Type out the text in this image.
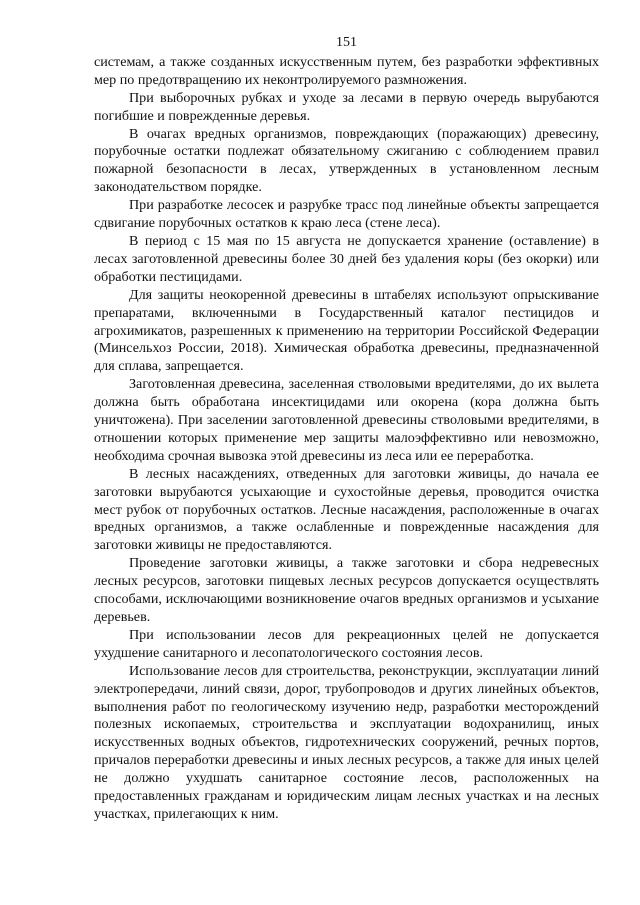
151

системам, а также созданных искусственным путем, без разработки эффективных мер по предотвращению их неконтролируемого размножения.

При выборочных рубках и уходе за лесами в первую очередь вырубаются погибшие и поврежденные деревья.

В очагах вредных организмов, повреждающих (поражающих) древесину, порубочные остатки подлежат обязательному сжиганию с соблюдением правил пожарной безопасности в лесах, утвержденных в установленном лесным законодательством порядке.

При разработке лесосек и разрубке трасс под линейные объекты запрещается сдвигание порубочных остатков к краю леса (стене леса).

В период с 15 мая по 15 августа не допускается хранение (оставление) в лесах заготовленной древесины более 30 дней без удаления коры (без окорки) или обработки пестицидами.

Для защиты неокоренной древесины в штабелях используют опрыскивание препаратами, включенными в Государственный каталог пестицидов и агрохимикатов, разрешенных к применению на территории Российской Федерации (Минсельхоз России, 2018). Химическая обработка древесины, предназначенной для сплава, запрещается.

Заготовленная древесина, заселенная стволовыми вредителями, до их вылета должна быть обработана инсектицидами или окорена (кора должна быть уничтожена). При заселении заготовленной древесины стволовыми вредителями, в отношении которых применение мер защиты малоэффективно или невозможно, необходима срочная вывозка этой древесины из леса или ее переработка.

В лесных насаждениях, отведенных для заготовки живицы, до начала ее заготовки вырубаются усыхающие и сухостойные деревья, проводится очистка мест рубок от порубочных остатков. Лесные насаждения, расположенные в очагах вредных организмов, а также ослабленные и поврежденные насаждения для заготовки живицы не предоставляются.

Проведение заготовки живицы, а также заготовки и сбора недревесных лесных ресурсов, заготовки пищевых лесных ресурсов допускается осуществлять способами, исключающими возникновение очагов вредных организмов и усыхание деревьев.

При использовании лесов для рекреационных целей не допускается ухудшение санитарного и лесопатологического состояния лесов.

Использование лесов для строительства, реконструкции, эксплуатации линий электропередачи, линий связи, дорог, трубопроводов и других линейных объектов, выполнения работ по геологическому изучению недр, разработки месторождений полезных ископаемых, строительства и эксплуатации водохранилищ, иных искусственных водных объектов, гидротехнических сооружений, речных портов, причалов переработки древесины и иных лесных ресурсов, а также для иных целей не должно ухудшать санитарное состояние лесов, расположенных на предоставленных гражданам и юридическим лицам лесных участках и на лесных участках, прилегающих к ним.
